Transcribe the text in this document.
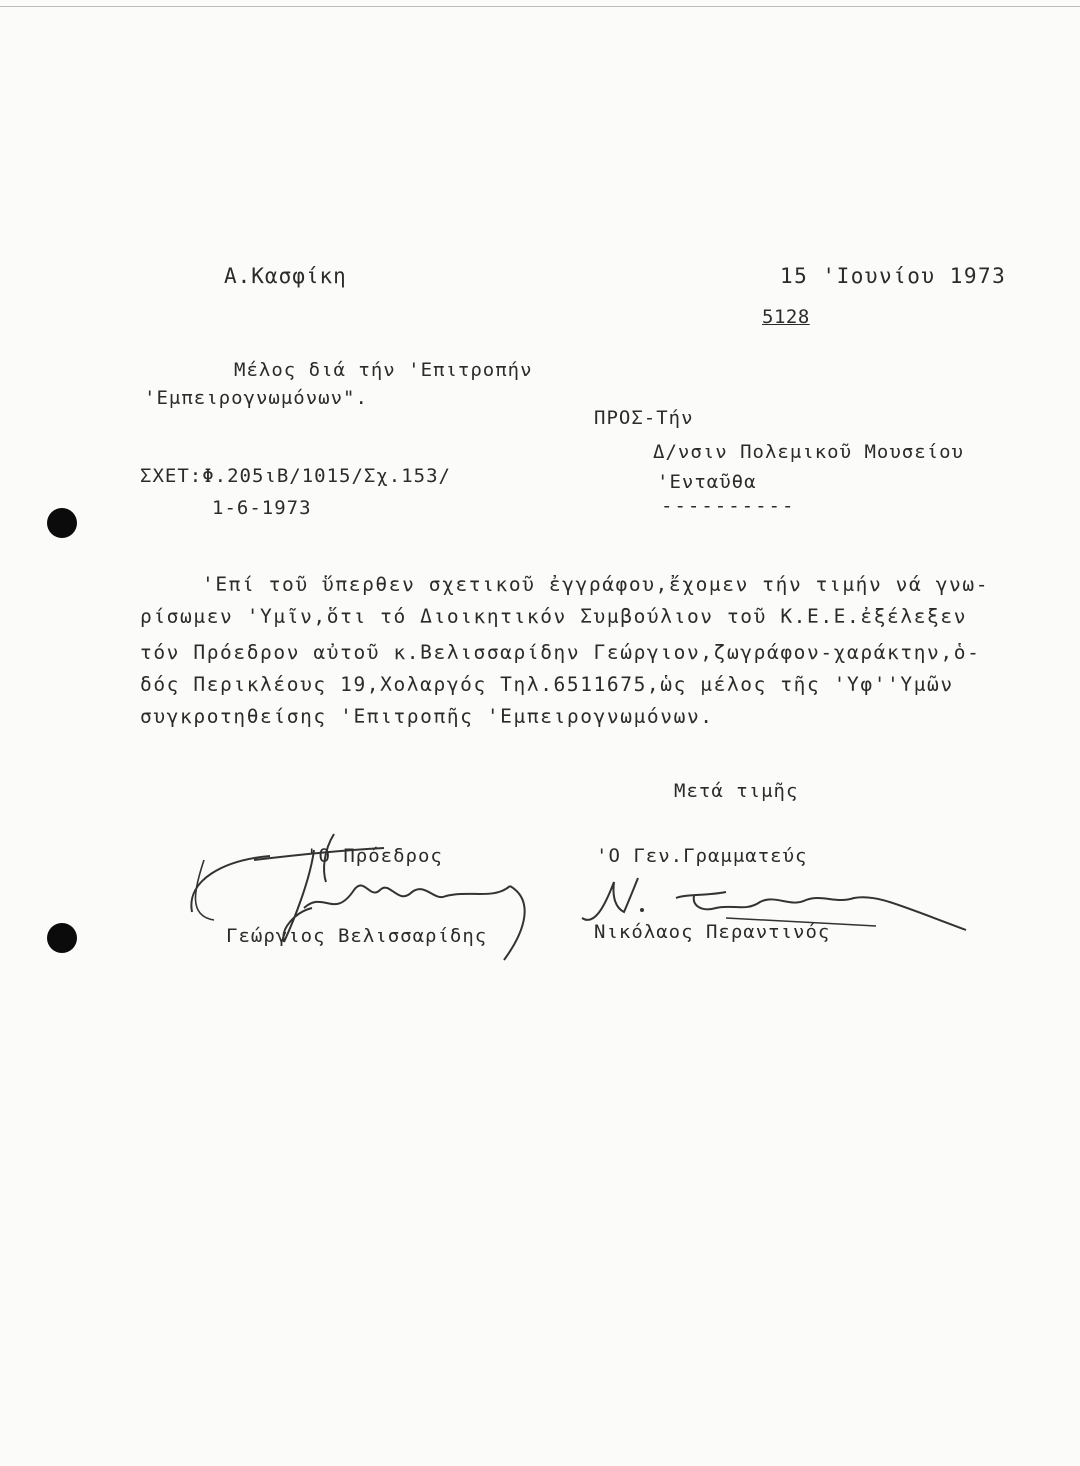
Α.Κασφίκη	15 'Ιουνίου 1973
5128
Μέλος διά τήν 'Επιτροπήν
'Εμπειρογνωμόνων".
ΠΡΟΣ-Τήν
Δ/νσιν Πολεμικοῦ Μουσείου
'Ενταῦθα
----------
ΣΧΕΤ:Φ.205ιΒ/1015/Σχ.153/
1-6-1973
'Επί τοῦ ὕπερθεν σχετικοῦ ἐγγράφου,ἔχομεν τήν τιμήν νά γνω-
ρίσωμεν 'Υμῖν,ὅτι τό Διοικητικόν Συμβούλιον τοῦ Κ.Ε.Ε.ἐξέλεξεν
τόν Πρόεδρον αὐτοῦ κ.Βελισσαρίδην Γεώργιον,ζωγράφον-χαράκτην,ὁ-
δός Περικλέους 19,Χολαργός Τηλ.6511675,ὡς μέλος τῆς 'Υφ''Υμῶν
συγκροτηθείσης 'Επιτροπῆς 'Εμπειρογνωμόνων.
Μετά τιμῆς
'Ο Πρόεδρος	'Ο Γεν.Γραμματεύς
Γεώργιος Βελισσαρίδης	Νικόλαος Περαντινός
